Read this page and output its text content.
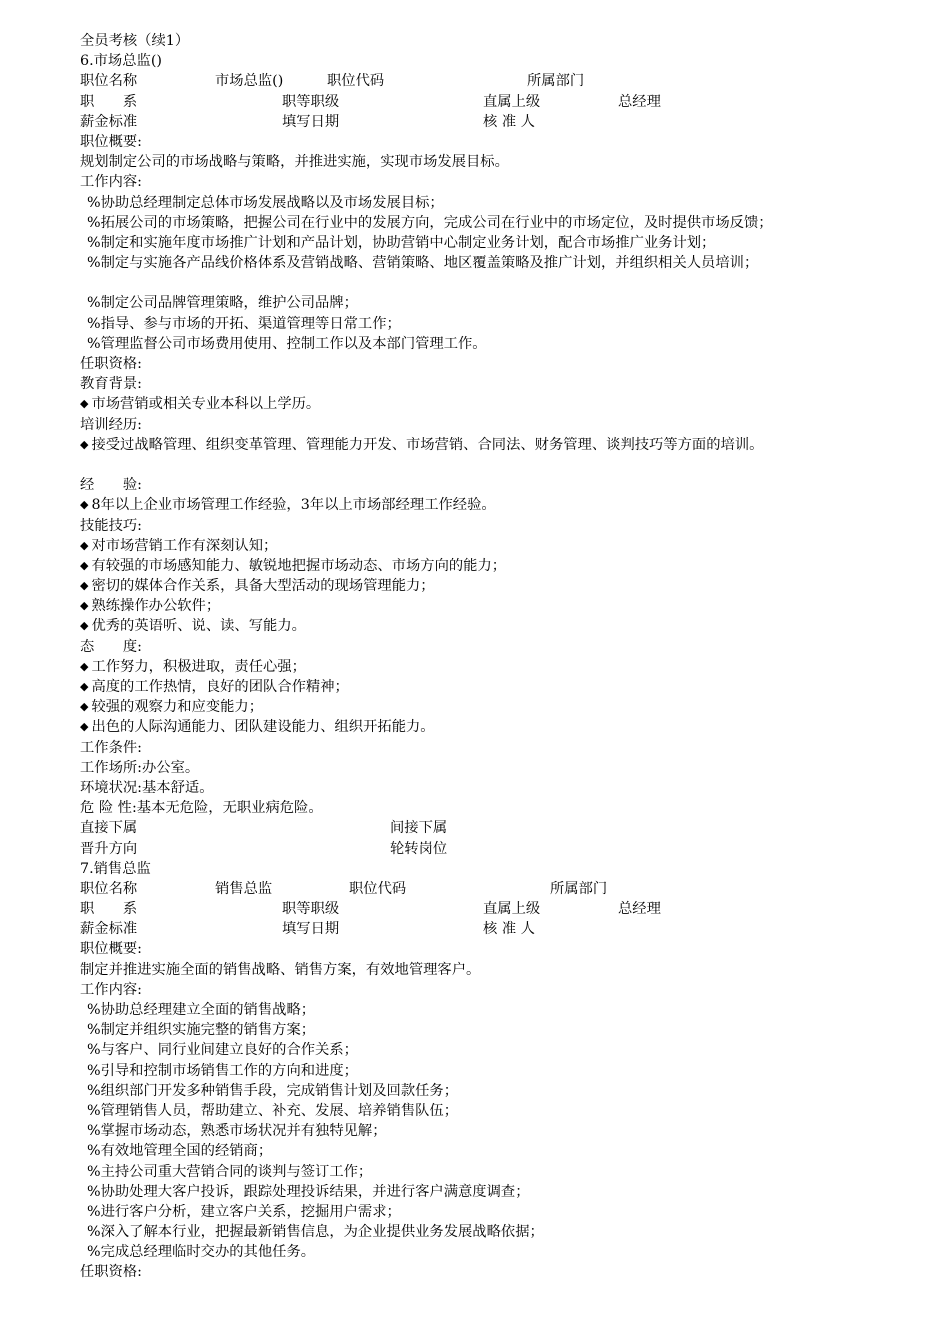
全员考核（续1）
6.市场总监()
职位名称	市场总监()	职位代码	所属部门
职　　系	职等职级	直属上级	总经理
薪金标准	填写日期	核 准 人
职位概要:
规划制定公司的市场战略与策略，并推进实施，实现市场发展目标。
工作内容:
%协助总经理制定总体市场发展战略以及市场发展目标；
%拓展公司的市场策略，把握公司在行业中的发展方向，完成公司在行业中的市场定位，及时提供市场反馈；
%制定和实施年度市场推广计划和产品计划，协助营销中心制定业务计划，配合市场推广业务计划；
%制定与实施各产品线价格体系及营销战略、营销策略、地区覆盖策略及推广计划，并组织相关人员培训；
%制定公司品牌管理策略，维护公司品牌；
%指导、参与市场的开拓、渠道管理等日常工作；
%管理监督公司市场费用使用、控制工作以及本部门管理工作。
任职资格:
教育背景:
◆ 市场营销或相关专业本科以上学历。
培训经历:
◆ 接受过战略管理、组织变革管理、管理能力开发、市场营销、合同法、财务管理、谈判技巧等方面的培训。
经　　验:
◆ 8年以上企业市场管理工作经验，3年以上市场部经理工作经验。
技能技巧:
◆ 对市场营销工作有深刻认知；
◆ 有较强的市场感知能力、敏锐地把握市场动态、市场方向的能力；
◆ 密切的媒体合作关系，具备大型活动的现场管理能力；
◆ 熟练操作办公软件；
◆ 优秀的英语听、说、读、写能力。
态　　度:
◆ 工作努力，积极进取，责任心强；
◆ 高度的工作热情，良好的团队合作精神；
◆ 较强的观察力和应变能力；
◆ 出色的人际沟通能力、团队建设能力、组织开拓能力。
工作条件:
工作场所:办公室。
环境状况:基本舒适。
危 险 性:基本无危险，无职业病危险。
直接下属	间接下属
晋升方向	轮转岗位
7.销售总监
职位名称	销售总监	职位代码	所属部门
职　　系	职等职级	直属上级	总经理
薪金标准	填写日期	核 准 人
职位概要:
制定并推进实施全面的销售战略、销售方案，有效地管理客户。
工作内容:
%协助总经理建立全面的销售战略；
%制定并组织实施完整的销售方案；
%与客户、同行业间建立良好的合作关系；
%引导和控制市场销售工作的方向和进度；
%组织部门开发多种销售手段，完成销售计划及回款任务；
%管理销售人员，帮助建立、补充、发展、培养销售队伍；
%掌握市场动态，熟悉市场状况并有独特见解；
%有效地管理全国的经销商；
%主持公司重大营销合同的谈判与签订工作；
%协助处理大客户投诉，跟踪处理投诉结果，并进行客户满意度调查；
%进行客户分析，建立客户关系，挖掘用户需求；
%深入了解本行业，把握最新销售信息，为企业提供业务发展战略依据；
%完成总经理临时交办的其他任务。
任职资格:
